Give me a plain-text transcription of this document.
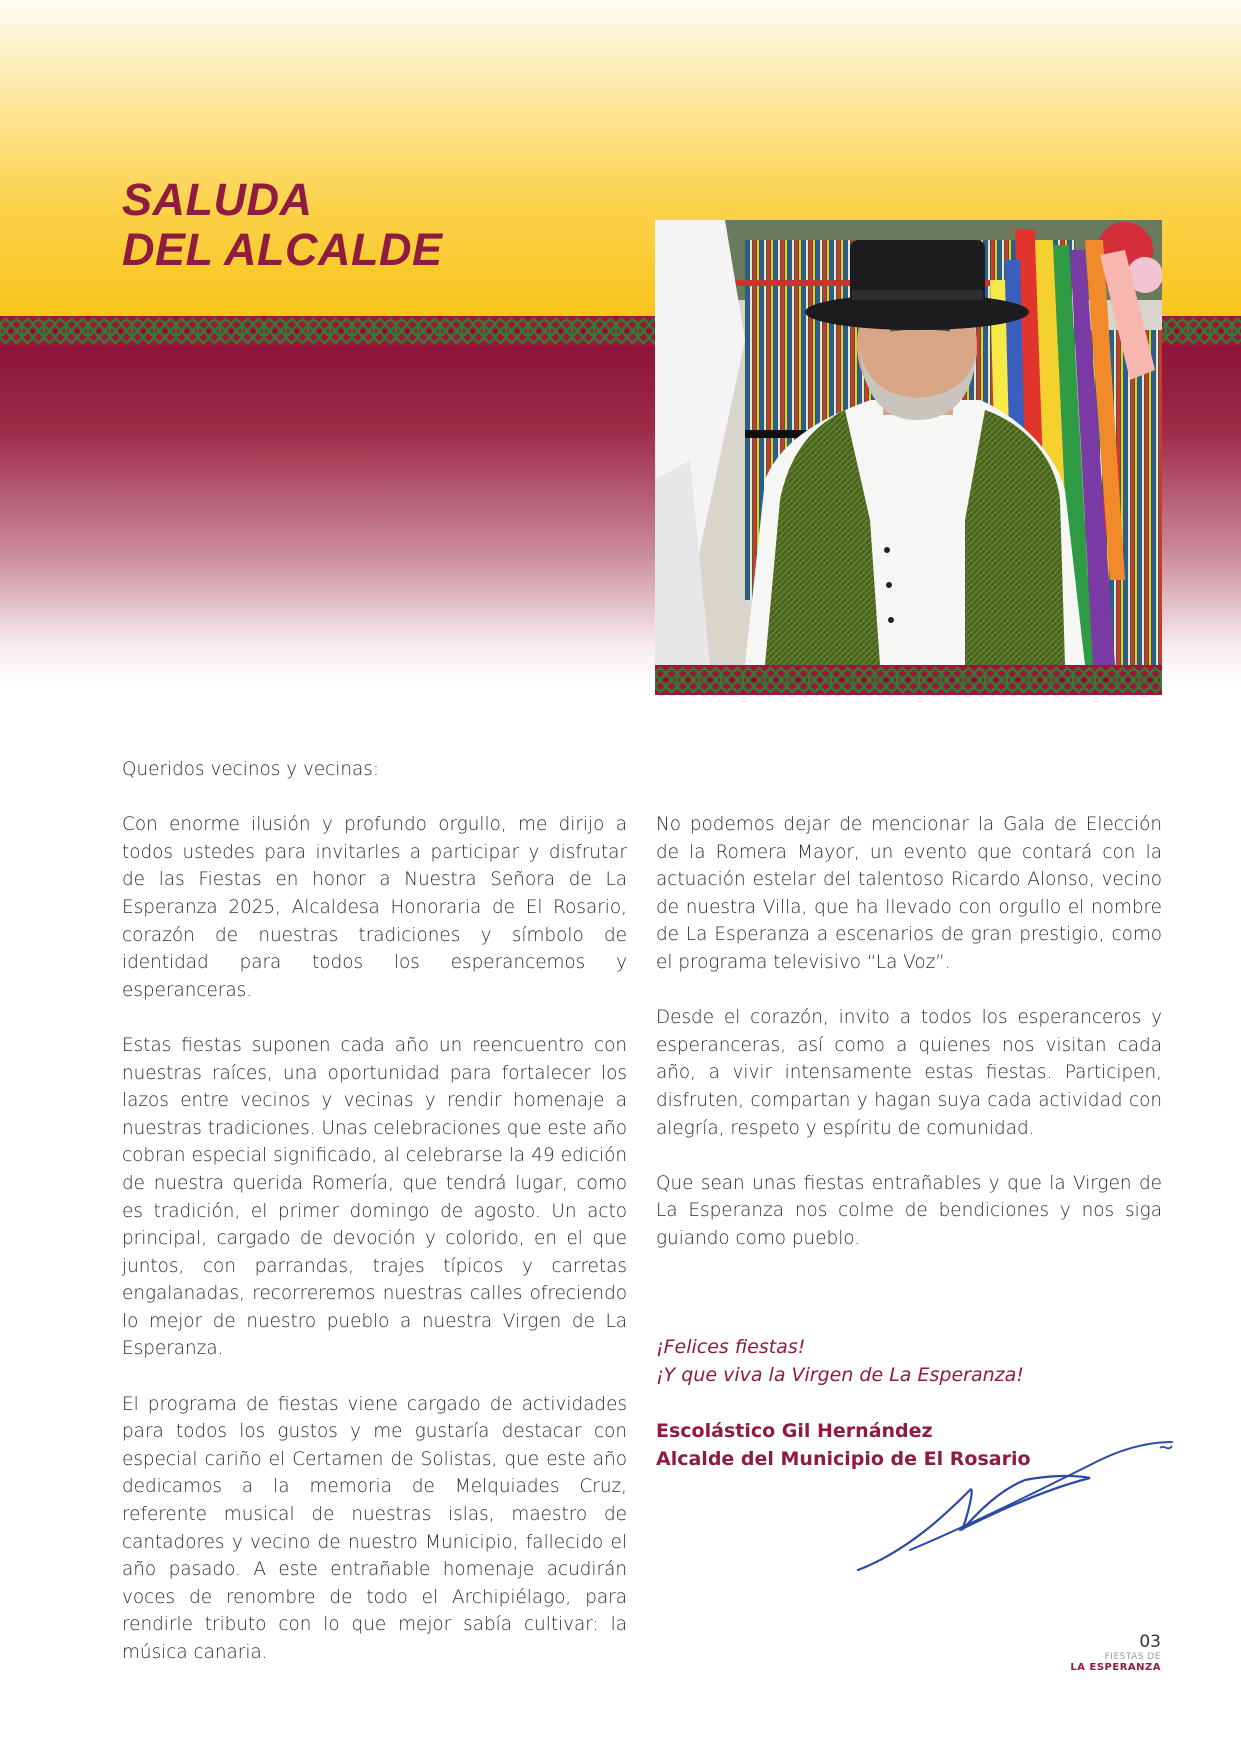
SALUDA
DEL ALCALDE

Queridos vecinos y vecinas:

Con enorme ilusión y profundo orgullo, me dirijo a todos ustedes para invitarles a participar y disfrutar de las Fiestas en honor a Nuestra Señora de La Esperanza 2025, Alcaldesa Honoraria de El Rosario, corazón de nuestras tradiciones y símbolo de identidad para todos los esperancemos y esperanceras.

Estas fiestas suponen cada año un reencuentro con nuestras raíces, una oportunidad para fortalecer los lazos entre vecinos y vecinas y rendir homenaje a nuestras tradiciones. Unas celebraciones que este año cobran especial significado, al celebrarse la 49 edición de nuestra querida Romería, que tendrá lugar, como es tradición, el primer domingo de agosto. Un acto principal, cargado de devoción y colorido, en el que juntos, con parrandas, trajes típicos y carretas engalanadas, recorreremos nuestras calles ofreciendo lo mejor de nuestro pueblo a nuestra Virgen de La Esperanza.

El programa de fiestas viene cargado de actividades para todos los gustos y me gustaría destacar con especial cariño el Certamen de Solistas, que este año dedicamos a la memoria de Melquiades Cruz, referente musical de nuestras islas, maestro de cantadores y vecino de nuestro Municipio, fallecido el año pasado. A este entrañable homenaje acudirán voces de renombre de todo el Archipiélago, para rendirle tributo con lo que mejor sabía cultivar: la música canaria.

No podemos dejar de mencionar la Gala de Elección de la Romera Mayor, un evento que contará con la actuación estelar del talentoso Ricardo Alonso, vecino de nuestra Villa, que ha llevado con orgullo el nombre de La Esperanza a escenarios de gran prestigio, como el programa televisivo “La Voz”.

Desde el corazón, invito a todos los esperanceros y esperanceras, así como a quienes nos visitan cada año, a vivir intensamente estas fiestas. Participen, disfruten, compartan y hagan suya cada actividad con alegría, respeto y espíritu de comunidad.

Que sean unas fiestas entrañables y que la Virgen de La Esperanza nos colme de bendiciones y nos siga guiando como pueblo.

¡Felices fiestas!
¡Y que viva la Virgen de La Esperanza!
Escolástico Gil Hernández
Alcalde del Municipio de El Rosario
03
FIESTAS DE
LA ESPERANZA
